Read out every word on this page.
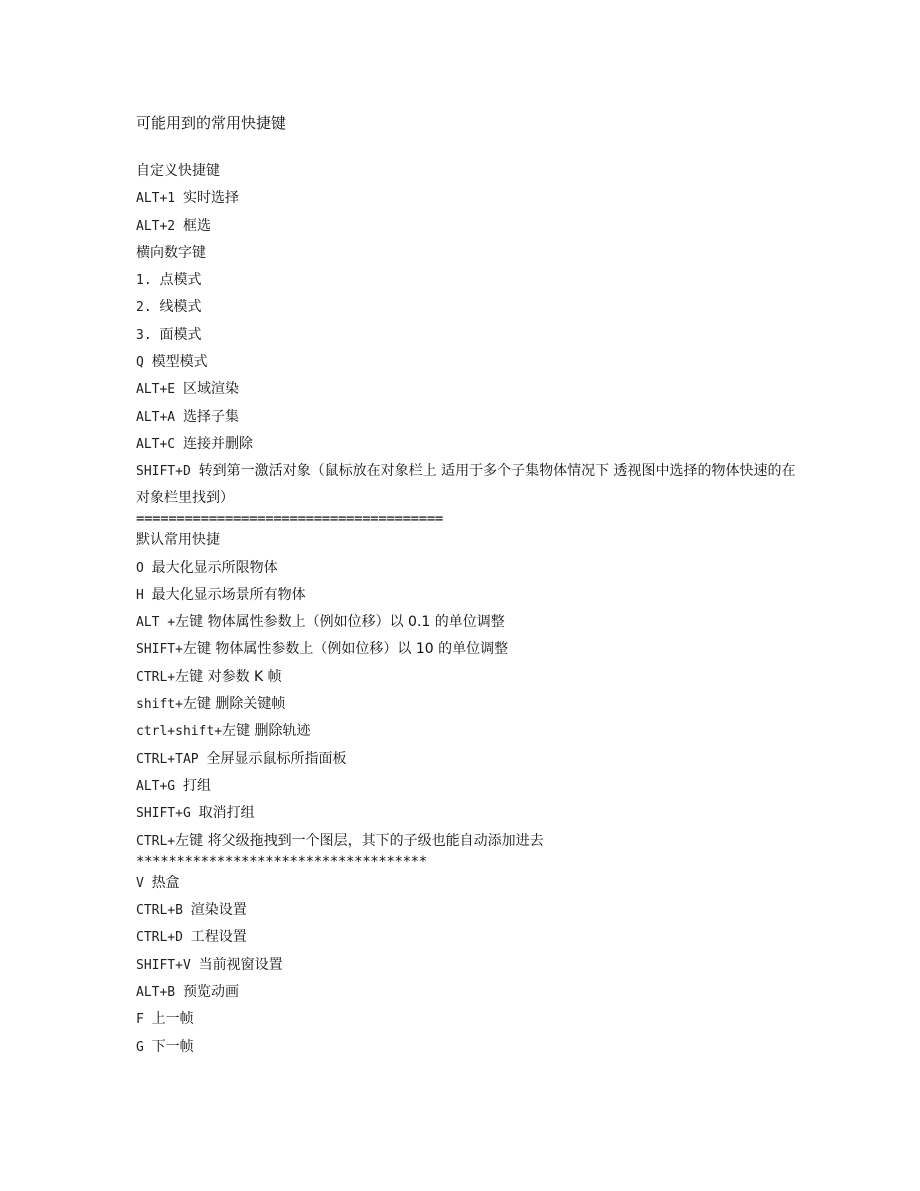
可能用到的常用快捷键
自定义快捷键
ALT+1 实时选择
ALT+2 框选
横向数字键
1. 点模式
2. 线模式
3. 面模式
Q 模型模式
ALT+E 区域渲染
ALT+A 选择子集
ALT+C 连接并删除
SHIFT+D 转到第一激活对象（鼠标放在对象栏上 适用于多个子集物体情况下 透视图中选择的物体快速的在对象栏里找到）
======================================
默认常用快捷
O 最大化显示所限物体
H 最大化显示场景所有物体
ALT +左键 物体属性参数上（例如位移）以 0.1 的单位调整
SHIFT+左键 物体属性参数上（例如位移）以 10 的单位调整
CTRL+左键 对参数 K 帧
shift+左键 删除关键帧
ctrl+shift+左键 删除轨迹
CTRL+TAP 全屏显示鼠标所指面板
ALT+G 打组
SHIFT+G 取消打组
CTRL+左键 将父级拖拽到一个图层，其下的子级也能自动添加进去
************************************
V 热盒
CTRL+B 渲染设置
CTRL+D 工程设置
SHIFT+V 当前视窗设置
ALT+B 预览动画
F 上一帧
G 下一帧
